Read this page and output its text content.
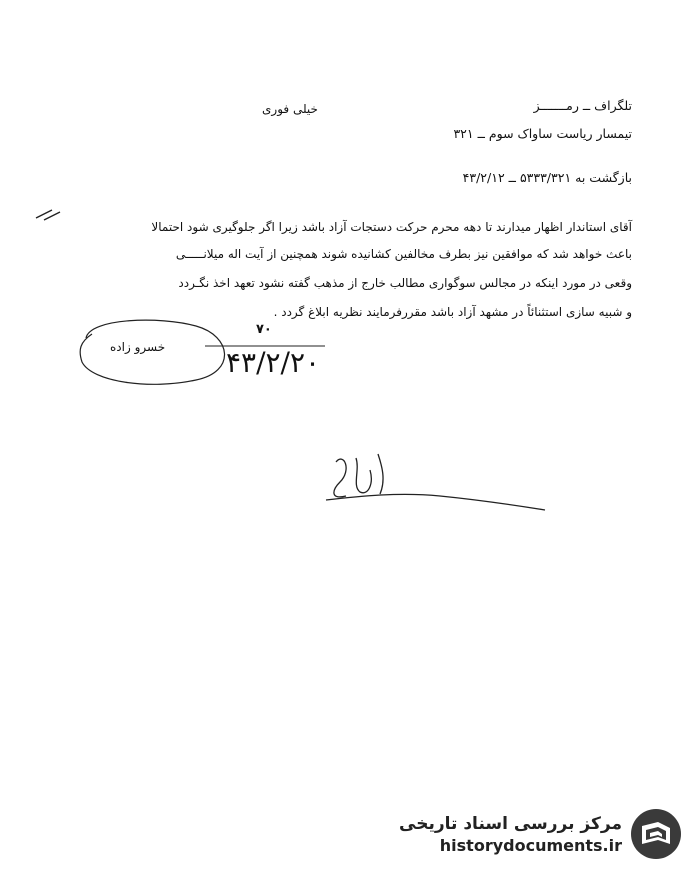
تلگراف ــ رمـــــــز
خیلی فوری
تیمسار ریاست ساواک سوم ــ ۳۲۱
بازگشت به ۵۳۳۳/۳۲۱ ــ ۴۳/۲/۱۲
آقای استاندار اظهار میدارند تا دهه محرم حرکت دستجات آزاد باشد زیرا اگر جلوگیری شود احتمالا
باعث خواهد شد که موافقین نیز بطرف مخالفین کشانیده شوند همچنین از آیت اله میلانـــــی
وقعی در مورد اینکه در مجالس سوگواری مطالب خارج از مذهب گفته نشود تعهد اخذ نگـردد
و شبیه سازی استثنائاً در مشهد آزاد باشد مقررفرمایند نظریه ابلاغ گردد .
۷۰
خسرو زاده ۴۳/۲/۲۰
مرکز بررسی اسناد تاریخی
historydocuments.ir
